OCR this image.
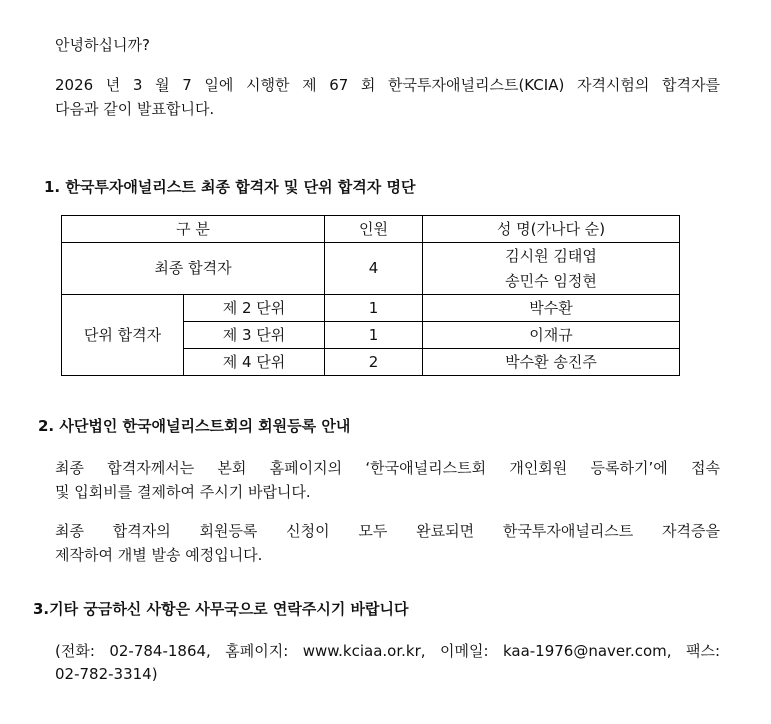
안녕하십니까?
2026 년 3 월 7 일에 시행한 제 67 회 한국투자애널리스트(KCIA) 자격시험의 합격자를
다음과 같이 발표합니다.
1. 한국투자애널리스트 최종 합격자 및 단위 합격자 명단
구 분		인원	성 명(가나다 순)
최종 합격자		4	김시원 김태엽
송민수 임정현

단위 합격자	제 2 단위	1	박수환
	제 3 단위	1	이재규
	제 4 단위	2	박수환 송진주
2. 사단법인 한국애널리스트회의 회원등록 안내
최종 합격자께서는 본회 홈페이지의 ‘한국애널리스트회 개인회원 등록하기’에 접속
및 입회비를 결제하여 주시기 바랍니다.
최종 합격자의 회원등록 신청이 모두 완료되면 한국투자애널리스트 자격증을
제작하여 개별 발송 예정입니다.
3.기타 궁금하신 사항은 사무국으로 연락주시기 바랍니다
(전화: 02-784-1864, 홈페이지: www.kciaa.or.kr, 이메일: kaa-1976@naver.com, 팩스:
02-782-3314)
